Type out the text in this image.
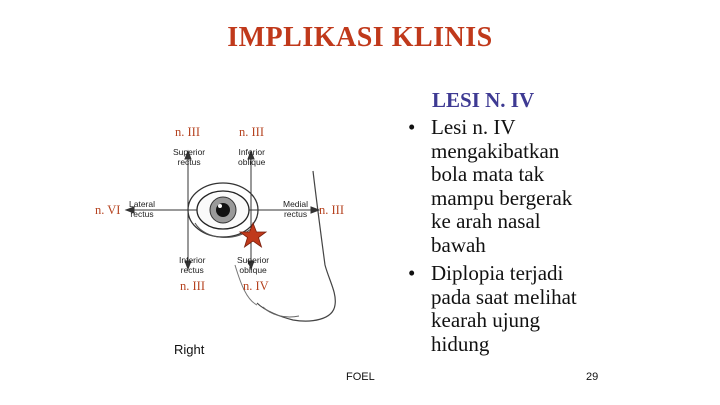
IMPLIKASI KLINIS
n. III	n. III
n. VI	n. III
n. III	n. IV
Superior
rectus
Inferior
oblique
Lateral
rectus
Medial
rectus
Inferior
rectus
Superior
oblique
Right
LESI N. IV
• Lesi n. IV
mengakibatkan
bola mata tak
mampu bergerak
ke arah nasal
bawah
• Diplopia terjadi
pada saat melihat
kearah ujung
hidung
FOEL	29
